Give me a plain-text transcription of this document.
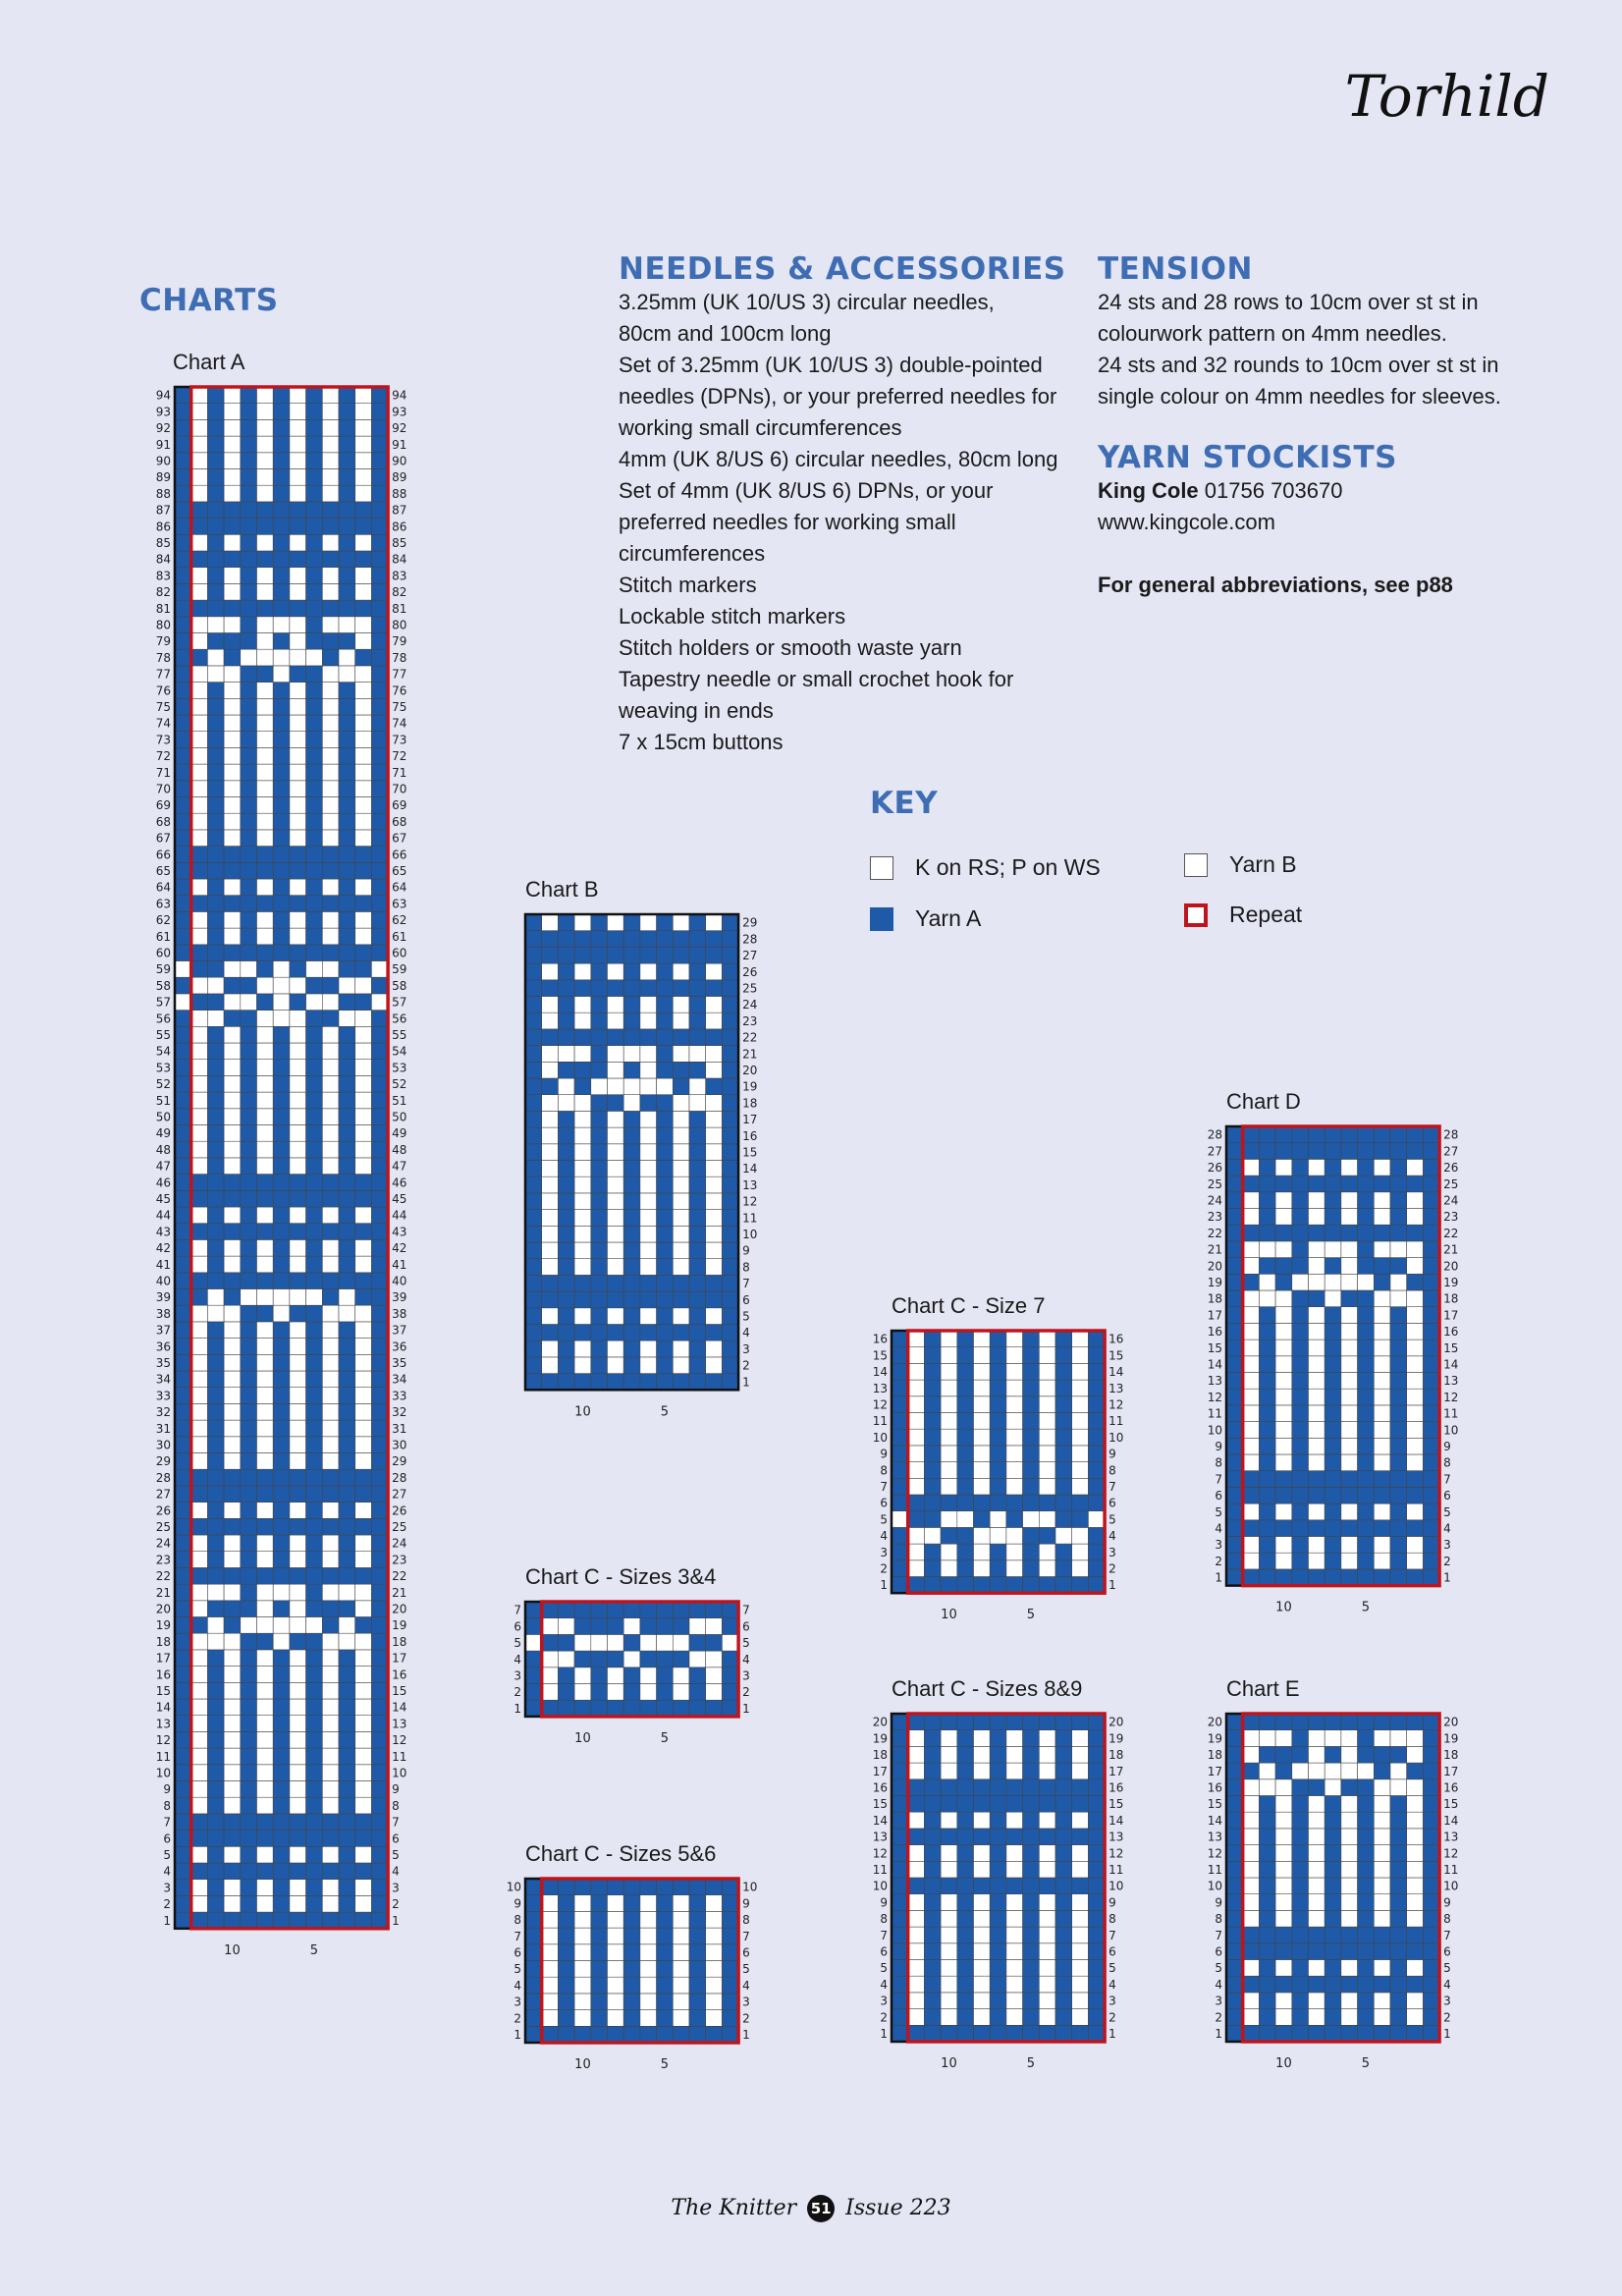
Torhild
CHARTS
NEEDLES & ACCESSORIES

3.25mm (UK 10/US 3) circular needles,

80cm and 100cm long

Set of 3.25mm (UK 10/US 3) double-pointed

needles (DPNs), or your preferred needles for

working small circumferences

4mm (UK 8/US 6) circular needles, 80cm long

Set of 4mm (UK 8/US 6) DPNs, or your

preferred needles for working small

circumferences

Stitch markers

Lockable stitch markers

Stitch holders or smooth waste yarn

Tapestry needle or small crochet hook for

weaving in ends

7 x 15cm buttons

TENSION

24 sts and 28 rows to 10cm over st st in

colourwork pattern on 4mm needles.

24 sts and 32 rounds to 10cm over st st in

single colour on 4mm needles for sleeves.

YARN STOCKISTS

King Cole 01756 703670

www.kingcole.com

For general abbreviations, see p88

KEY
K on RS; P on WS
Yarn A
Yarn B
Repeat
Chart A
Chart B
Chart C - Size 7
Chart C - Sizes 3&4
Chart C - Sizes 5&6
Chart C - Sizes 8&9
Chart D
Chart E
1
1
2
2
3
3
4
4
5
5
6
6
7
7
8
8
9
9
10
10
11
11
12
12
13
13
14
14
15
15
16
16
17
17
18
18
19
19
20
20
21
21
22
22
23
23
24
24
25
25
26
26
27
27
28
28
29
29
30
30
31
31
32
32
33
33
34
34
35
35
36
36
37
37
38
38
39
39
40
40
41
41
42
42
43
43
44
44
45
45
46
46
47
47
48
48
49
49
50
50
51
51
52
52
53
53
54
54
55
55
56
56
57
57
58
58
59
59
60
60
61
61
62
62
63
63
64
64
65
65
66
66
67
67
68
68
69
69
70
70
71
71
72
72
73
73
74
74
75
75
76
76
77
77
78
78
79
79
80
80
81
81
82
82
83
83
84
84
85
85
86
86
87
87
88
88
89
89
90
90
91
91
92
92
93
93
94
94
10	5
1
2
3
4
5
6
7
8
9
10
11
12
13
14
15
16
17
18
19
20
21
22
23
24
25
26
27
28
29
10	5
1
1
2
2
3
3
4
4
5
5
6
6
7
7
8
8
9
9
10
10
11
11
12
12
13
13
14
14
15
15
16
16
10	5
1
1
2
2
3
3
4
4
5
5
6
6
7
7
10	5
1
1
2
2
3
3
4
4
5
5
6
6
7
7
8
8
9
9
10
10
10	5
1
1
2
2
3
3
4
4
5
5
6
6
7
7
8
8
9
9
10
10
11
11
12
12
13
13
14
14
15
15
16
16
17
17
18
18
19
19
20
20
10	5
1
1
2
2
3
3
4
4
5
5
6
6
7
7
8
8
9
9
10
10
11
11
12
12
13
13
14
14
15
15
16
16
17
17
18
18
19
19
20
20
21
21
22
22
23
23
24
24
25
25
26
26
27
27
28
28
10	5
1
1
2
2
3
3
4
4
5
5
6
6
7
7
8
8
9
9
10
10
11
11
12
12
13
13
14
14
15
15
16
16
17
17
18
18
19
19
20
20
10	5
The Knitter 51 Issue 223
